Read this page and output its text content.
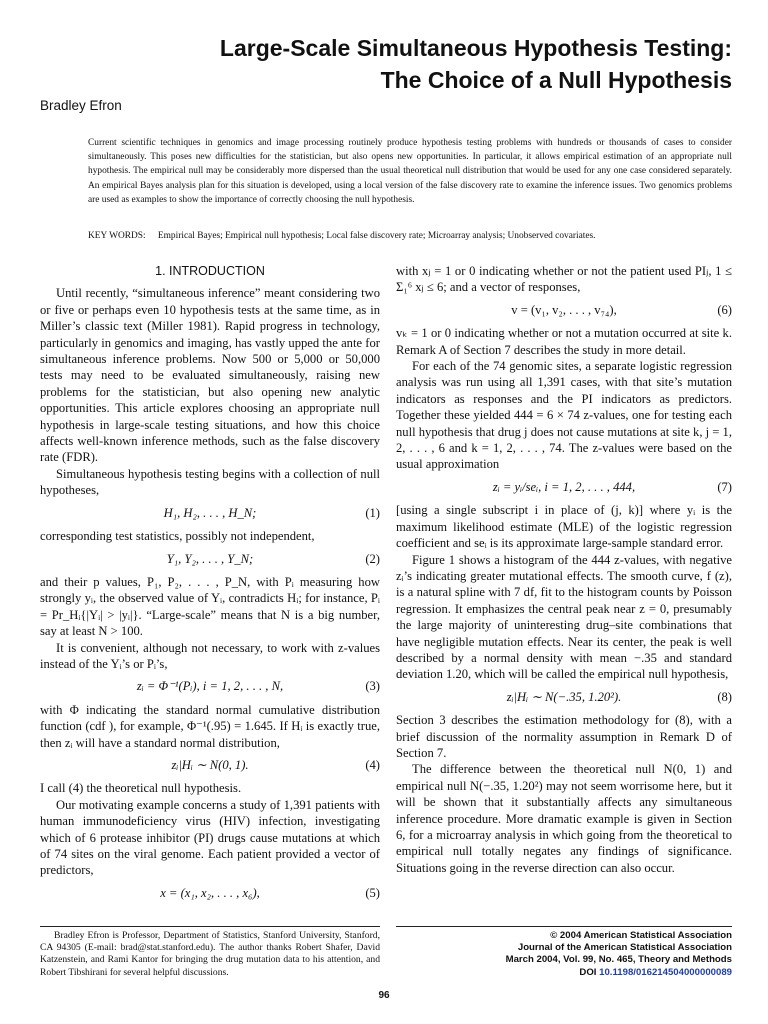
Large-Scale Simultaneous Hypothesis Testing:
The Choice of a Null Hypothesis
Bradley Efron
Current scientific techniques in genomics and image processing routinely produce hypothesis testing problems with hundreds or thousands of cases to consider simultaneously. This poses new difficulties for the statistician, but also opens new opportunities. In particular, it allows empirical estimation of an appropriate null hypothesis. The empirical null may be considerably more dispersed than the usual theoretical null distribution that would be used for any one case considered separately. An empirical Bayes analysis plan for this situation is developed, using a local version of the false discovery rate to examine the inference issues. Two genomics problems are used as examples to show the importance of correctly choosing the null hypothesis.
KEY WORDS: Empirical Bayes; Empirical null hypothesis; Local false discovery rate; Microarray analysis; Unobserved covariates.
1. INTRODUCTION

Until recently, “simultaneous inference” meant considering two or five or perhaps even 10 hypothesis tests at the same time, as in Miller’s classic text (Miller 1981). Rapid progress in technology, particularly in genomics and imaging, has vastly upped the ante for simultaneous inference problems. Now 500 or 5,000 or 50,000 tests may need to be evaluated simultaneously, raising new problems for the statistician, but also opening new analytic opportunities. This article explores choosing an appropriate null hypothesis in large-scale testing situations, and how this choice affects well-known inference methods, such as the false discovery rate (FDR).

Simultaneous hypothesis testing begins with a collection of null hypotheses,

H₁, H₂, . . . , H_N;	(1)

corresponding test statistics, possibly not independent,

Y₁, Y₂, . . . , Y_N;	(2)

and their p values, P₁, P₂, . . . , P_N, with Pᵢ measuring how strongly yᵢ, the observed value of Yᵢ, contradicts Hᵢ; for instance, Pᵢ = Pr_Hᵢ{|Yᵢ| > |yᵢ|}. “Large-scale” means that N is a big number, say at least N > 100.

It is convenient, although not necessary, to work with z-values instead of the Yᵢ’s or Pᵢ’s,

zᵢ = Φ⁻¹(Pᵢ), i = 1, 2, . . . , N,	(3)

with Φ indicating the standard normal cumulative distribution function (cdf ), for example, Φ⁻¹(.95) = 1.645. If Hᵢ is exactly true, then zᵢ will have a standard normal distribution,

zᵢ|Hᵢ ∼ N(0, 1).	(4)

I call (4) the theoretical null hypothesis.

Our motivating example concerns a study of 1,391 patients with human immunodeficiency virus (HIV) infection, investigating which of 6 protease inhibitor (PI) drugs cause mutations at which of 74 sites on the viral genome. Each patient provided a vector of predictors,

x = (x₁, x₂, . . . , x₆),	(5)

with xⱼ = 1 or 0 indicating whether or not the patient used PIⱼ, 1 ≤ Σ₁⁶ xⱼ ≤ 6; and a vector of responses,

v = (v₁, v₂, . . . , v₇₄),	(6)

vₖ = 1 or 0 indicating whether or not a mutation occurred at site k. Remark A of Section 7 describes the study in more detail.

For each of the 74 genomic sites, a separate logistic regression analysis was run using all 1,391 cases, with that site’s mutation indicators as responses and the PI indicators as predictors. Together these yielded 444 = 6 × 74 z-values, one for testing each null hypothesis that drug j does not cause mutations at site k, j = 1, 2, . . . , 6 and k = 1, 2, . . . , 74. The z-values were based on the usual approximation

zᵢ = yᵢ/seᵢ, i = 1, 2, . . . , 444,	(7)

[using a single subscript i in place of (j, k)] where yᵢ is the maximum likelihood estimate (MLE) of the logistic regression coefficient and seᵢ is its approximate large-sample standard error.

Figure 1 shows a histogram of the 444 z-values, with negative zᵢ’s indicating greater mutational effects. The smooth curve, f (z), is a natural spline with 7 df, fit to the histogram counts by Poisson regression. It emphasizes the central peak near z = 0, presumably the large majority of uninteresting drug–site combinations that have negligible mutation effects. Near its center, the peak is well described by a normal density with mean −.35 and standard deviation 1.20, which will be called the empirical null hypothesis,

zᵢ|Hᵢ ∼ N(−.35, 1.20²).	(8)

Section 3 describes the estimation methodology for (8), with a brief discussion of the normality assumption in Remark D of Section 7.

The difference between the theoretical null N(0, 1) and empirical null N(−.35, 1.20²) may not seem worrisome here, but it will be shown that it substantially affects any simultaneous inference procedure. More dramatic example is given in Section 6, for a microarray analysis in which going from the theoretical to empirical null totally negates any findings of significance. Situations going in the reverse direction can also occur.

Bradley Efron is Professor, Department of Statistics, Stanford University, Stanford, CA 94305 (E-mail: brad@stat.stanford.edu). The author thanks Robert Shafer, David Katzenstein, and Rami Kantor for bringing the drug mutation data to his attention, and Robert Tibshirani for several helpful discussions.
© 2004 American Statistical Association
Journal of the American Statistical Association
March 2004, Vol. 99, No. 465, Theory and Methods
DOI 10.1198/016214504000000089
96
